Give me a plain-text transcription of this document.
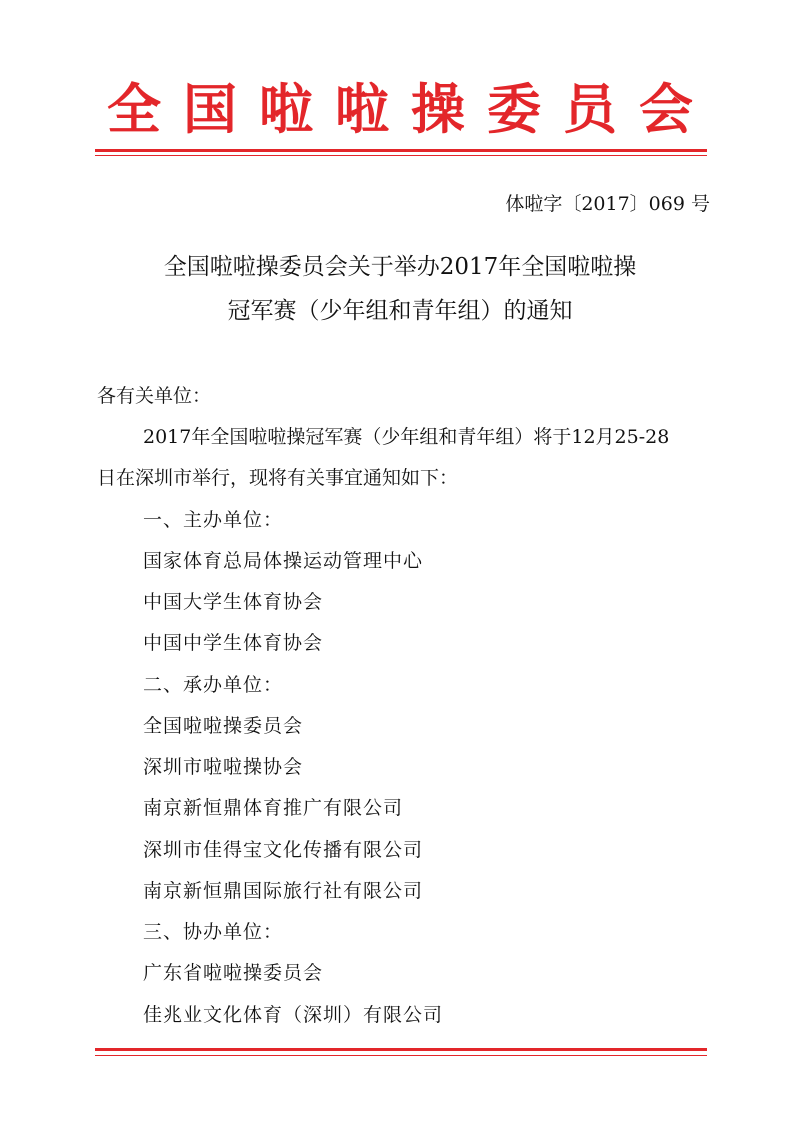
全国啦啦操委员会
体啦字〔2017〕069 号
全国啦啦操委员会关于举办2017年全国啦啦操
冠军赛（少年组和青年组）的通知
各有关单位：
2017年全国啦啦操冠军赛（少年组和青年组）将于12月25-28
日在深圳市举行，现将有关事宜通知如下：
一、主办单位：
国家体育总局体操运动管理中心
中国大学生体育协会
中国中学生体育协会
二、承办单位：
全国啦啦操委员会
深圳市啦啦操协会
南京新恒鼎体育推广有限公司
深圳市佳得宝文化传播有限公司
南京新恒鼎国际旅行社有限公司
三、协办单位：
广东省啦啦操委员会
佳兆业文化体育（深圳）有限公司
